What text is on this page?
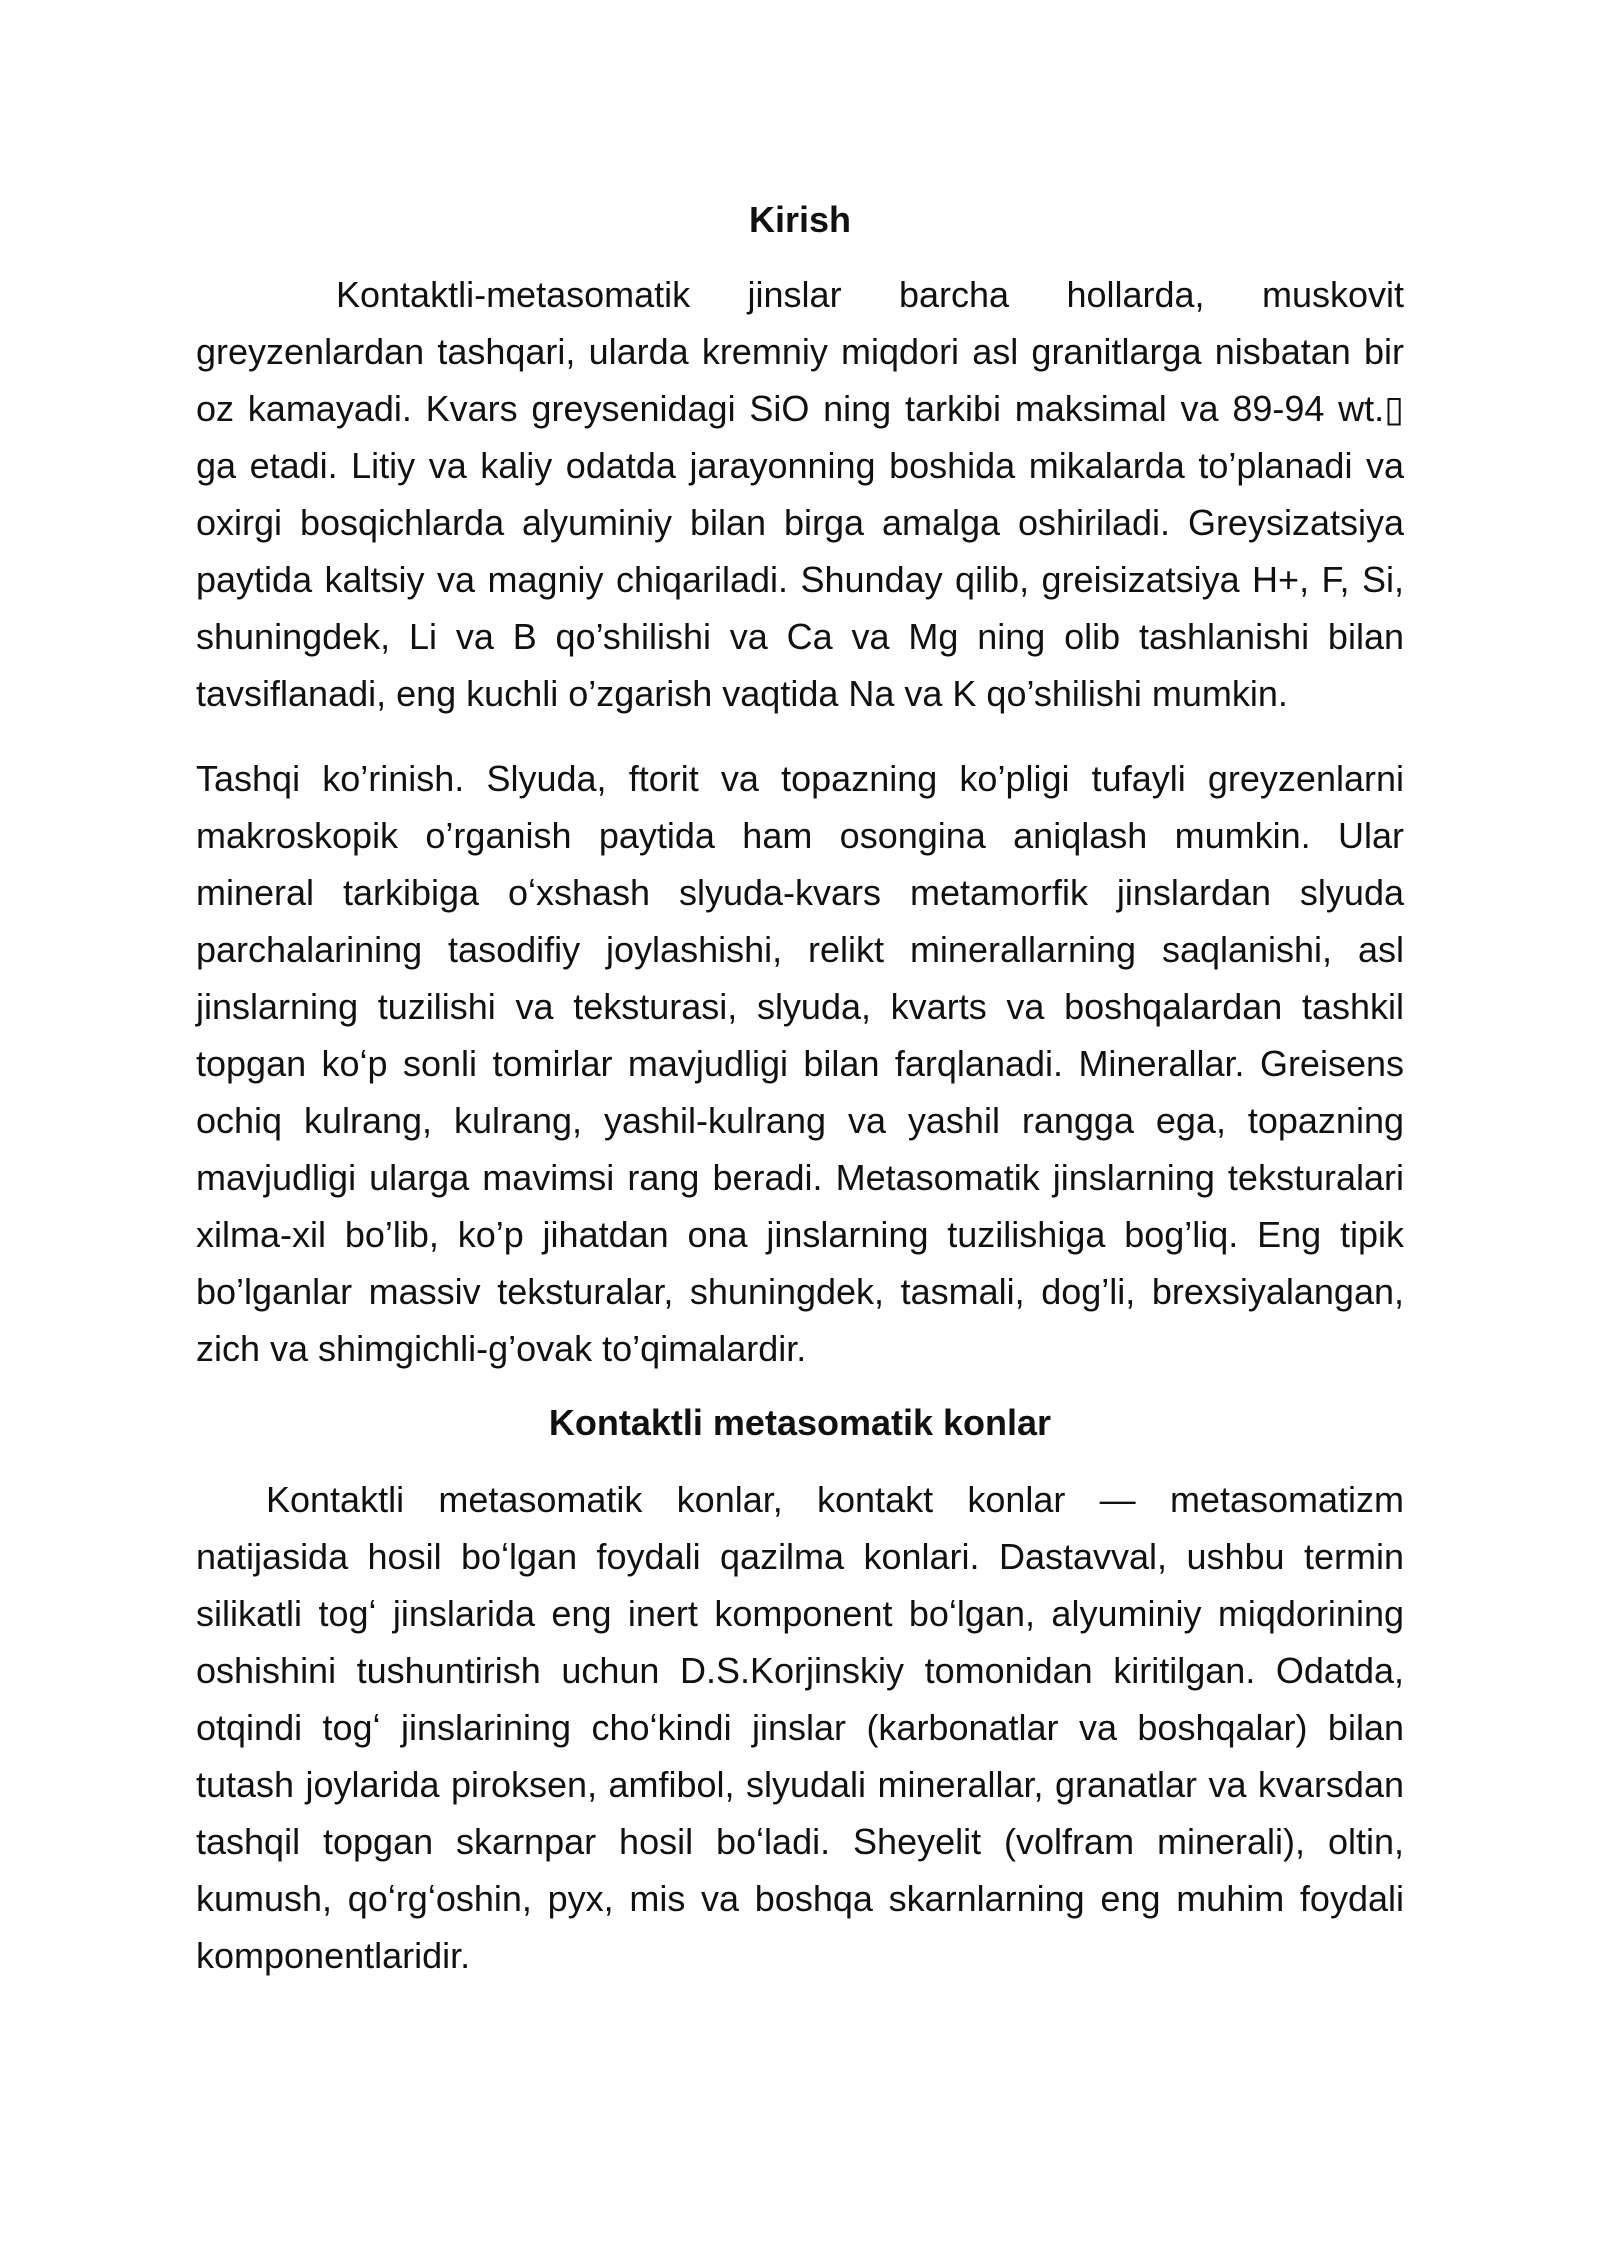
Kirish

Kontaktli-metasomatik jinslar barcha hollarda, muskovit greyzenlardan tashqari, ularda kremniy miqdori asl granitlarga nisbatan bir oz kamayadi. Kvars greysenidagi SiO ning tarkibi maksimal va 89-94 wt.▯ ga etadi. Litiy va kaliy odatda jarayonning boshida mikalarda to’planadi va oxirgi bosqichlarda alyuminiy bilan birga amalga oshiriladi. Greysizatsiya paytida kaltsiy va magniy chiqariladi. Shunday qilib, greisizatsiya H+, F, Si, shuningdek, Li va B qo’shilishi va Ca va Mg ning olib tashlanishi bilan tavsiflanadi, eng kuchli o’zgarish vaqtida Na va K qo’shilishi mumkin.

Tashqi ko’rinish. Slyuda, ftorit va topazning ko’pligi tufayli greyzenlarni makroskopik o’rganish paytida ham osongina aniqlash mumkin. Ular mineral tarkibiga oʻxshash slyuda-kvars metamorfik jinslardan slyuda parchalarining tasodifiy joylashishi, relikt minerallarning saqlanishi, asl jinslarning tuzilishi va teksturasi, slyuda, kvarts va boshqalardan tashkil topgan koʻp sonli tomirlar mavjudligi bilan farqlanadi. Minerallar. Greisens ochiq kulrang, kulrang, yashil-kulrang va yashil rangga ega, topazning mavjudligi ularga mavimsi rang beradi. Metasomatik jinslarning teksturalari xilma-xil bo’lib, ko’p jihatdan ona jinslarning tuzilishiga bog’liq. Eng tipik bo’lganlar massiv teksturalar, shuningdek, tasmali, dog’li, brexsiyalangan, zich va shimgichli-g’ovak to’qimalardir.

Kontaktli metasomatik konlar

Kontaktli metasomatik konlar, kontakt konlar — metasomatizm natijasida hosil boʻlgan foydali qazilma konlari. Dastavval, ushbu termin silikatli togʻ jinslarida eng inert komponent boʻlgan, alyuminiy miqdorining oshishini tushuntirish uchun D.S.Korjinskiy tomonidan kiritilgan. Odatda, otqindi togʻ jinslarining choʻkindi jinslar (karbonatlar va boshqalar) bilan tutash joylarida piroksen, amfibol, slyudali minerallar, granatlar va kvarsdan tashqil topgan skarnpar hosil boʻladi. Sheyelit (volfram minerali), oltin, kumush, qoʻrgʻoshin, pyx, mis va boshqa skarnlarning eng muhim foydali komponentlaridir.
